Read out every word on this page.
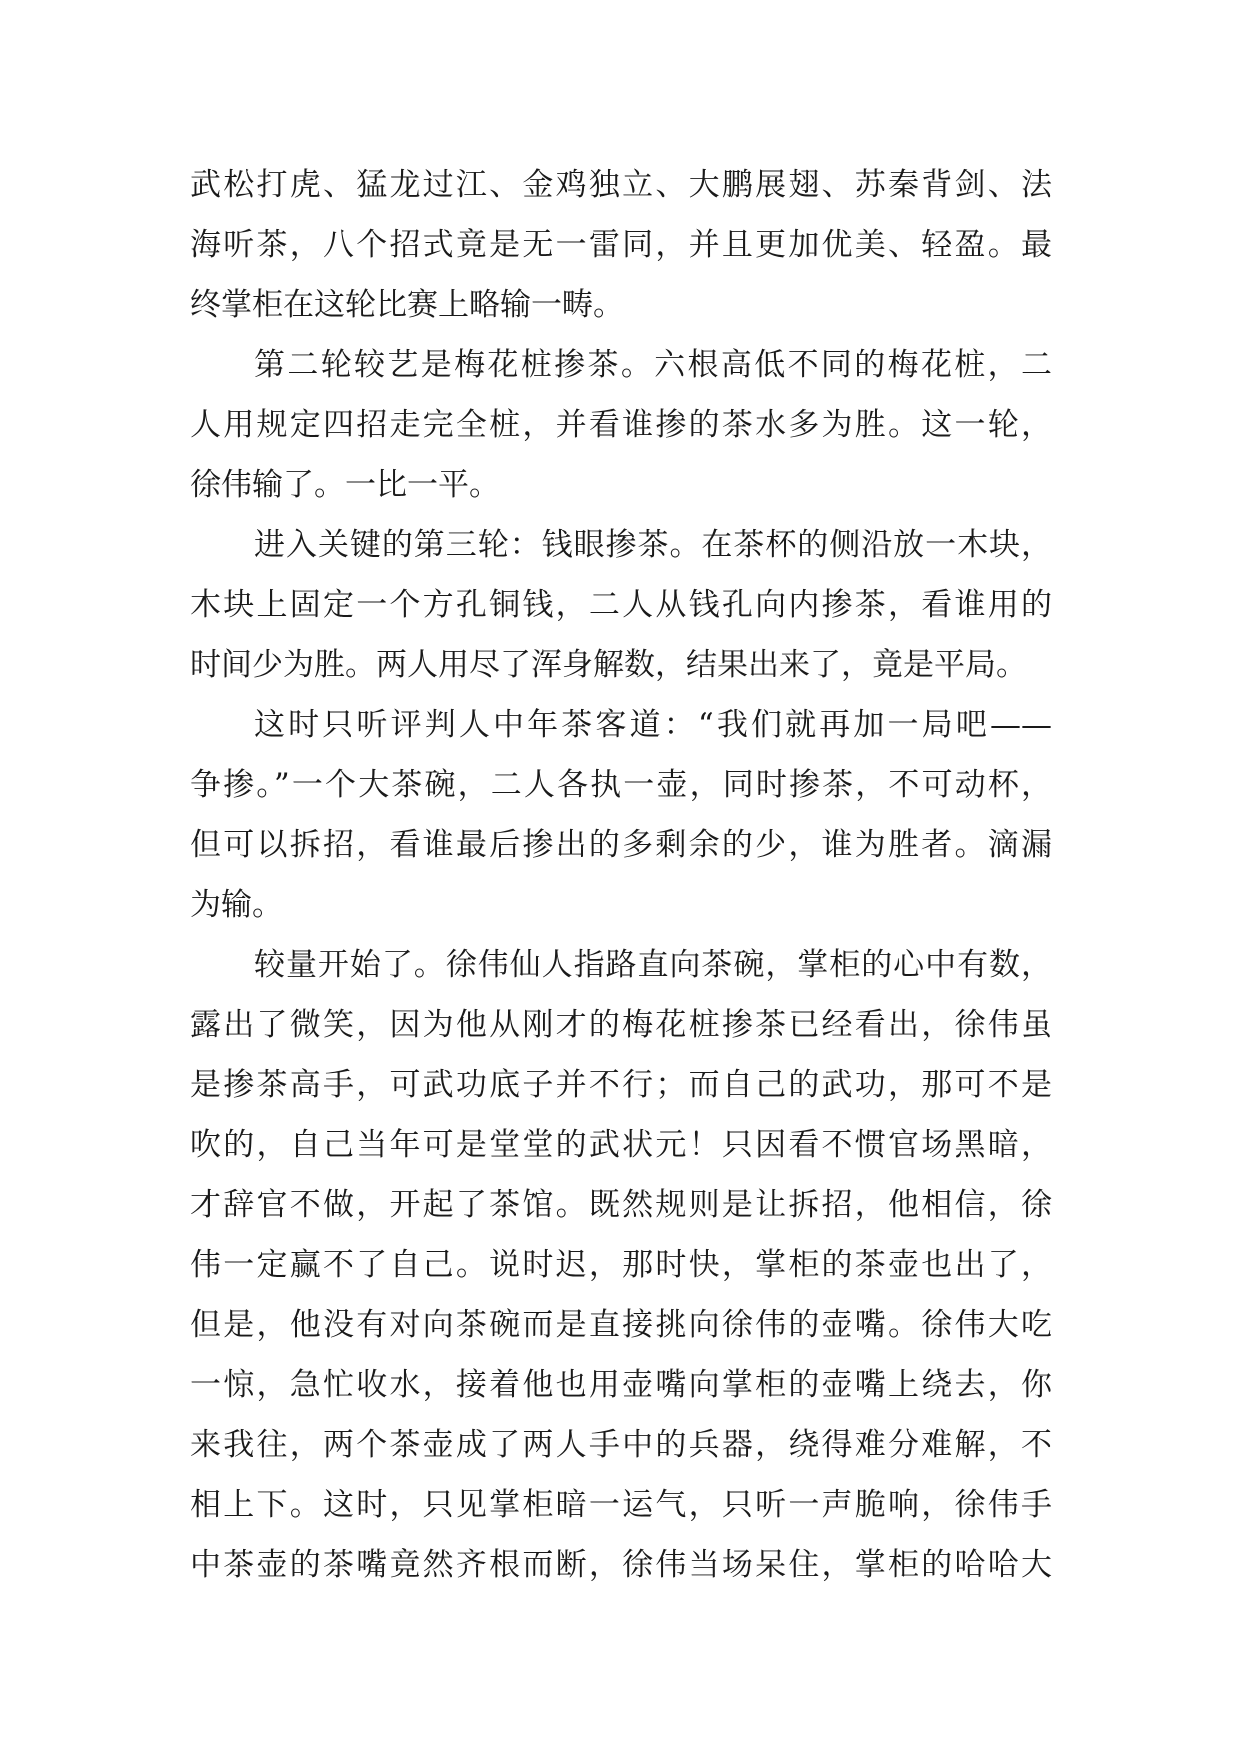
武松打虎、猛龙过江、金鸡独立、大鹏展翅、苏秦背剑、法
海听茶，八个招式竟是无一雷同，并且更加优美、轻盈。最
终掌柜在这轮比赛上略输一畴。
第二轮较艺是梅花桩掺茶。六根高低不同的梅花桩，二
人用规定四招走完全桩，并看谁掺的茶水多为胜。这一轮，
徐伟输了。一比一平。
进入关键的第三轮：钱眼掺茶。在茶杯的侧沿放一木块，
木块上固定一个方孔铜钱，二人从钱孔向内掺茶，看谁用的
时间少为胜。两人用尽了浑身解数，结果出来了，竟是平局。
这时只听评判人中年茶客道：“我们就再加一局吧——
争掺。”一个大茶碗，二人各执一壶，同时掺茶，不可动杯，
但可以拆招，看谁最后掺出的多剩余的少，谁为胜者。滴漏
为输。
较量开始了。徐伟仙人指路直向茶碗，掌柜的心中有数，
露出了微笑，因为他从刚才的梅花桩掺茶已经看出，徐伟虽
是掺茶高手，可武功底子并不行；而自己的武功，那可不是
吹的，自己当年可是堂堂的武状元！只因看不惯官场黑暗，
才辞官不做，开起了茶馆。既然规则是让拆招，他相信，徐
伟一定赢不了自己。说时迟，那时快，掌柜的茶壶也出了，
但是，他没有对向茶碗而是直接挑向徐伟的壶嘴。徐伟大吃
一惊，急忙收水，接着他也用壶嘴向掌柜的壶嘴上绕去，你
来我往，两个茶壶成了两人手中的兵器，绕得难分难解，不
相上下。这时，只见掌柜暗一运气，只听一声脆响，徐伟手
中茶壶的茶嘴竟然齐根而断，徐伟当场呆住，掌柜的哈哈大
